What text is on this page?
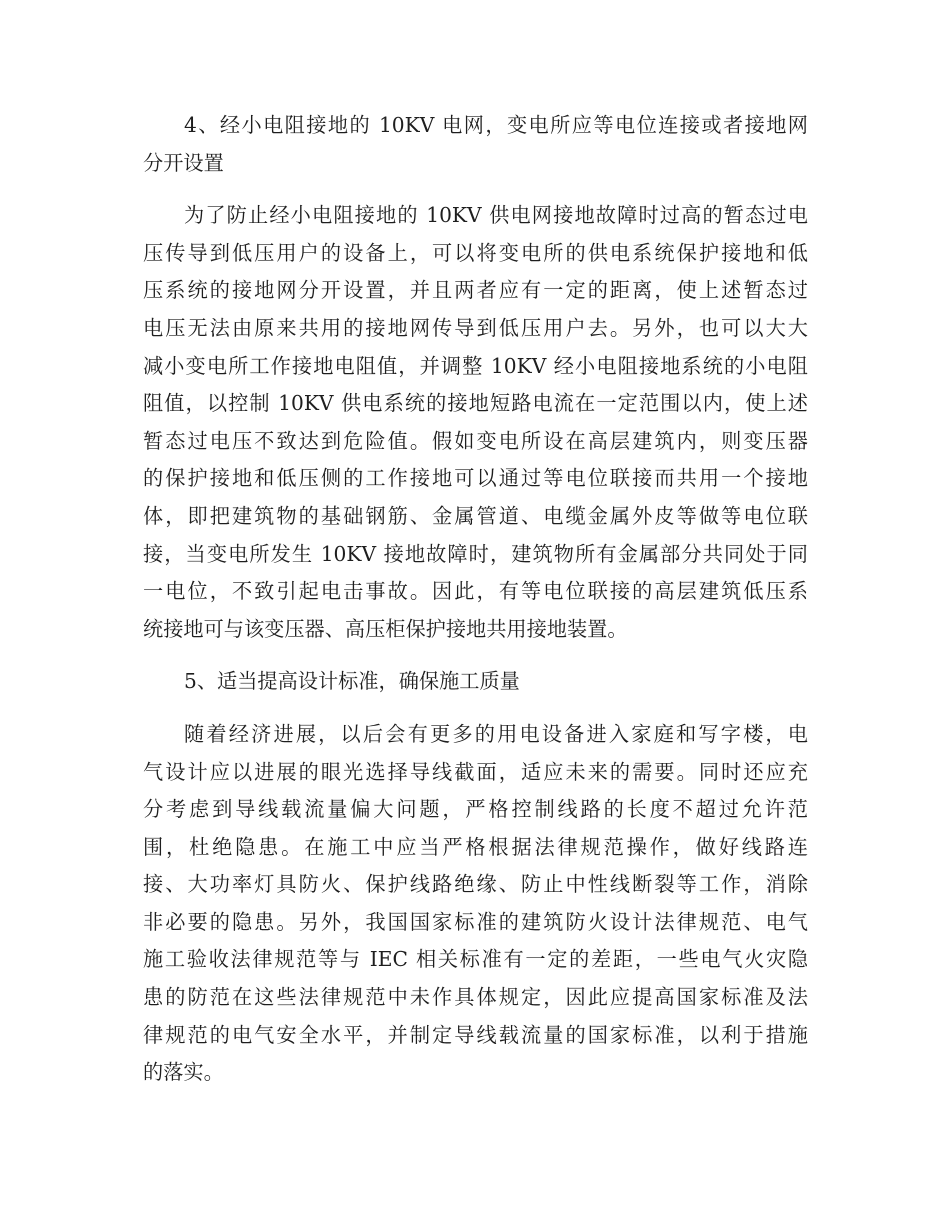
4、经小电阻接地的 10KV 电网，变电所应等电位连接或者接地网
分开设置
为了防止经小电阻接地的 10KV 供电网接地故障时过高的暂态过电
压传导到低压用户的设备上，可以将变电所的供电系统保护接地和低
压系统的接地网分开设置，并且两者应有一定的距离，使上述暂态过
电压无法由原来共用的接地网传导到低压用户去。另外，也可以大大
减小变电所工作接地电阻值，并调整 10KV 经小电阻接地系统的小电阻
阻值，以控制 10KV 供电系统的接地短路电流在一定范围以内，使上述
暂态过电压不致达到危险值。假如变电所设在高层建筑内，则变压器
的保护接地和低压侧的工作接地可以通过等电位联接而共用一个接地
体，即把建筑物的基础钢筋、金属管道、电缆金属外皮等做等电位联
接，当变电所发生 10KV 接地故障时，建筑物所有金属部分共同处于同
一电位，不致引起电击事故。因此，有等电位联接的高层建筑低压系
统接地可与该变压器、高压柜保护接地共用接地装置。
5、适当提高设计标准，确保施工质量
随着经济进展，以后会有更多的用电设备进入家庭和写字楼，电
气设计应以进展的眼光选择导线截面，适应未来的需要。同时还应充
分考虑到导线载流量偏大问题，严格控制线路的长度不超过允许范
围，杜绝隐患。在施工中应当严格根据法律规范操作，做好线路连
接、大功率灯具防火、保护线路绝缘、防止中性线断裂等工作，消除
非必要的隐患。另外，我国国家标准的建筑防火设计法律规范、电气
施工验收法律规范等与 IEC 相关标准有一定的差距，一些电气火灾隐
患的防范在这些法律规范中未作具体规定，因此应提高国家标准及法
律规范的电气安全水平，并制定导线载流量的国家标准，以利于措施
的落实。
